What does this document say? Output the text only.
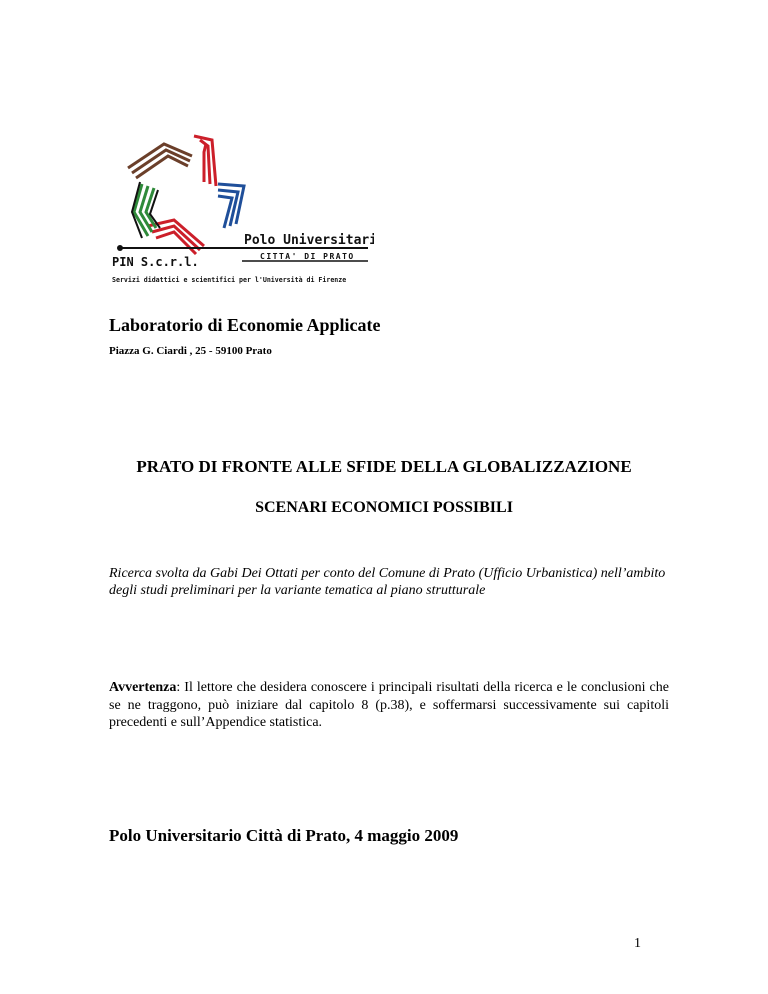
Polo Universitario
CITTA' DI PRATO
PIN S.c.r.l.
Servizi didattici e scientifici per l'Università di Firenze
Laboratorio di Economie Applicate
Piazza G. Ciardi , 25 - 59100 Prato
PRATO DI FRONTE ALLE SFIDE DELLA GLOBALIZZAZIONE
SCENARI ECONOMICI POSSIBILI
Ricerca svolta da Gabi Dei Ottati per conto del Comune di Prato (Ufficio Urbanistica) nell’ambito degli studi preliminari per la variante tematica al piano strutturale
Avvertenza: Il lettore che desidera conoscere i principali risultati della ricerca e le conclusioni che se ne traggono, può iniziare dal capitolo 8 (p.38), e soffermarsi successivamente sui capitoli precedenti e sull’Appendice statistica.
Polo Universitario Città di Prato, 4 maggio 2009
1
